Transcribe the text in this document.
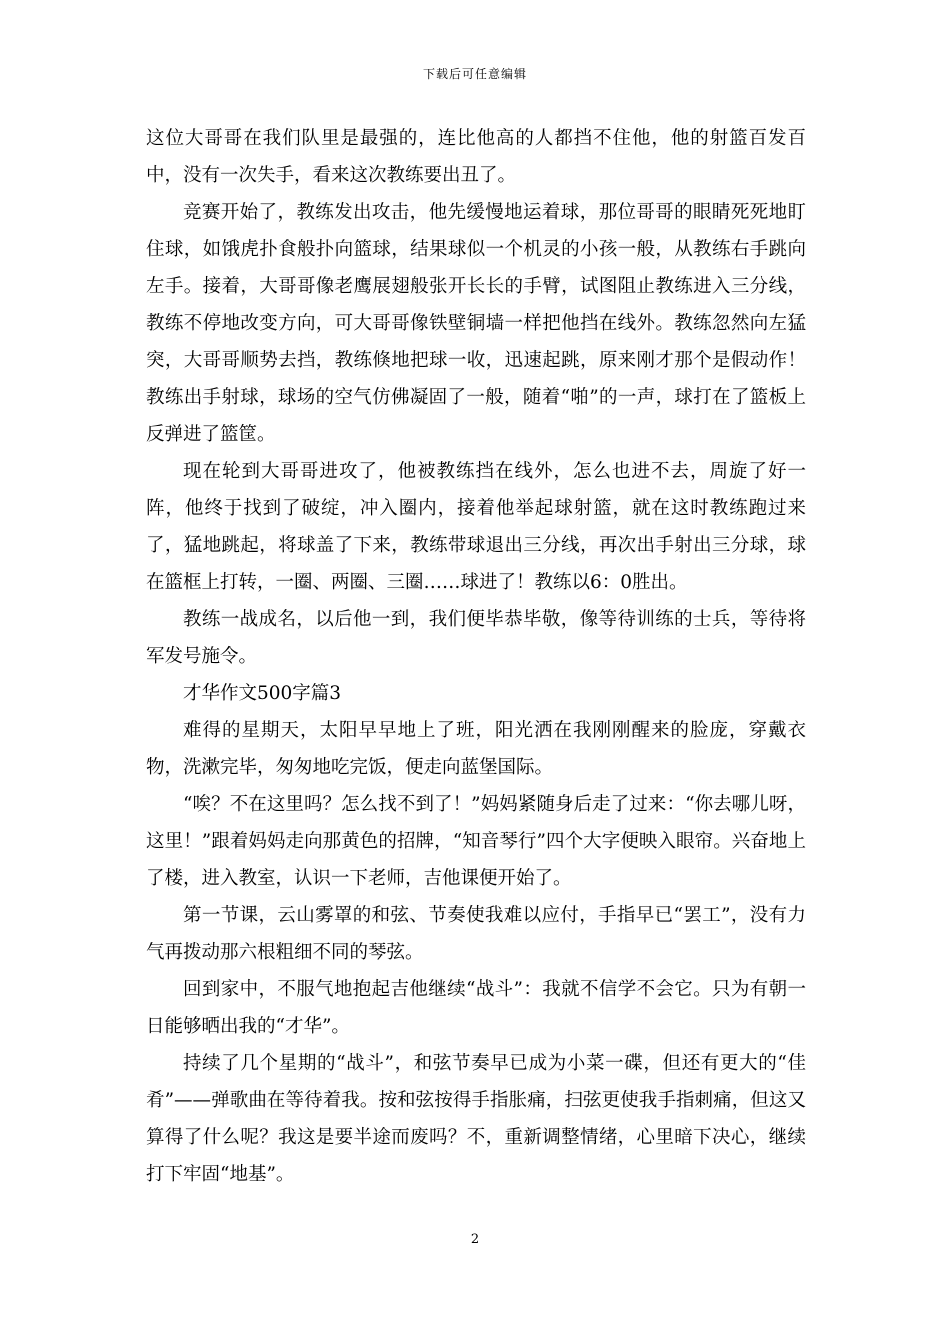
下载后可任意编辑

这位大哥哥在我们队里是最强的，连比他高的人都挡不住他，他的射篮百发百中，没有一次失手，看来这次教练要出丑了。

竞赛开始了，教练发出攻击，他先缓慢地运着球，那位哥哥的眼睛死死地盯住球，如饿虎扑食般扑向篮球，结果球似一个机灵的小孩一般，从教练右手跳向左手。接着，大哥哥像老鹰展翅般张开长长的手臂，试图阻止教练进入三分线，教练不停地改变方向，可大哥哥像铁壁铜墙一样把他挡在线外。教练忽然向左猛突，大哥哥顺势去挡，教练倏地把球一收，迅速起跳，原来刚才那个是假动作！教练出手射球，球场的空气仿佛凝固了一般，随着“啪”的一声，球打在了篮板上反弹进了篮筐。

现在轮到大哥哥进攻了，他被教练挡在线外，怎么也进不去，周旋了好一阵，他终于找到了破绽，冲入圈内，接着他举起球射篮，就在这时教练跑过来了，猛地跳起，将球盖了下来，教练带球退出三分线，再次出手射出三分球，球在篮框上打转，一圈、两圈、三圈……球进了！教练以6：0胜出。

教练一战成名，以后他一到，我们便毕恭毕敬，像等待训练的士兵，等待将军发号施令。

才华作文500字篇3

难得的星期天，太阳早早地上了班，阳光洒在我刚刚醒来的脸庞，穿戴衣物，洗漱完毕，匆匆地吃完饭，便走向蓝堡国际。

“唉？不在这里吗？怎么找不到了！”妈妈紧随身后走了过来：“你去哪儿呀，这里！”跟着妈妈走向那黄色的招牌，“知音琴行”四个大字便映入眼帘。兴奋地上了楼，进入教室，认识一下老师，吉他课便开始了。

第一节课，云山雾罩的和弦、节奏使我难以应付，手指早已“罢工”，没有力气再拨动那六根粗细不同的琴弦。

回到家中，不服气地抱起吉他继续“战斗”：我就不信学不会它。只为有朝一日能够晒出我的“才华”。

持续了几个星期的“战斗”，和弦节奏早已成为小菜一碟，但还有更大的“佳肴”——弹歌曲在等待着我。按和弦按得手指胀痛，扫弦更使我手指刺痛，但这又算得了什么呢？我这是要半途而废吗？不，重新调整情绪，心里暗下决心，继续打下牢固“地基”。

2
